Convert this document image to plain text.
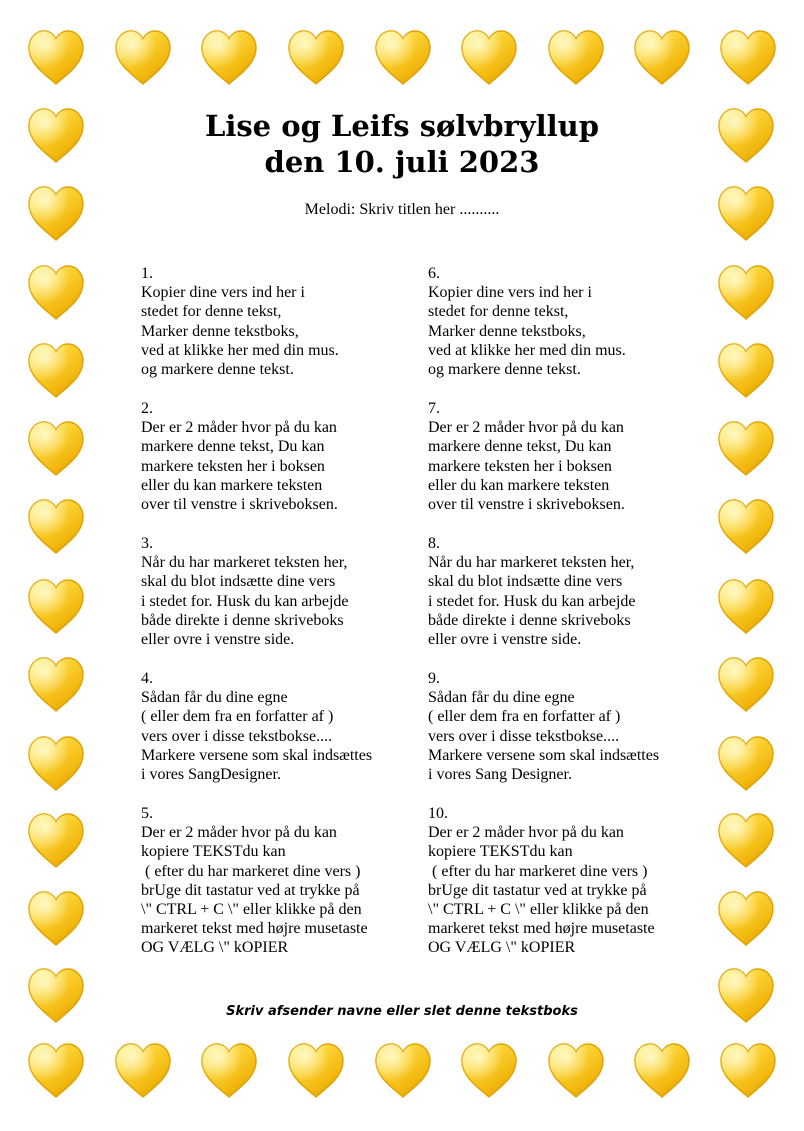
Lise og Leifs sølvbryllup
den 10. juli 2023
Melodi: Skriv titlen her ..........
1.
Kopier dine vers ind her i
stedet for denne tekst,
Marker denne tekstboks,
ved at klikke her med din mus.
og markere denne tekst.
2.
Der er 2 måder hvor på du kan
markere denne tekst, Du kan
markere teksten her i boksen
eller du kan markere teksten
over til venstre i skriveboksen.
3.
Når du har markeret teksten her,
skal du blot indsætte dine vers
i stedet for. Husk du kan arbejde
både direkte i denne skriveboks
eller ovre i venstre side.
4.
Sådan får du dine egne
( eller dem fra en forfatter af )
vers over i disse tekstbokse....
Markere versene som skal indsættes
i vores SangDesigner.
5.
Der er 2 måder hvor på du kan
kopiere TEKSTdu kan
( efter du har markeret dine vers )
brUge dit tastatur ved at trykke på
\" CTRL + C \" eller klikke på den
markeret tekst med højre musetaste
OG VÆLG \" kOPIER
6.
Kopier dine vers ind her i
stedet for denne tekst,
Marker denne tekstboks,
ved at klikke her med din mus.
og markere denne tekst.
7.
Der er 2 måder hvor på du kan
markere denne tekst, Du kan
markere teksten her i boksen
eller du kan markere teksten
over til venstre i skriveboksen.
8.
Når du har markeret teksten her,
skal du blot indsætte dine vers
i stedet for. Husk du kan arbejde
både direkte i denne skriveboks
eller ovre i venstre side.
9.
Sådan får du dine egne
( eller dem fra en forfatter af )
vers over i disse tekstbokse....
Markere versene som skal indsættes
i vores Sang Designer.
10.
Der er 2 måder hvor på du kan
kopiere TEKSTdu kan
( efter du har markeret dine vers )
brUge dit tastatur ved at trykke på
\" CTRL + C \" eller klikke på den
markeret tekst med højre musetaste
OG VÆLG \" kOPIER
Skriv afsender navne eller slet denne tekstboks
